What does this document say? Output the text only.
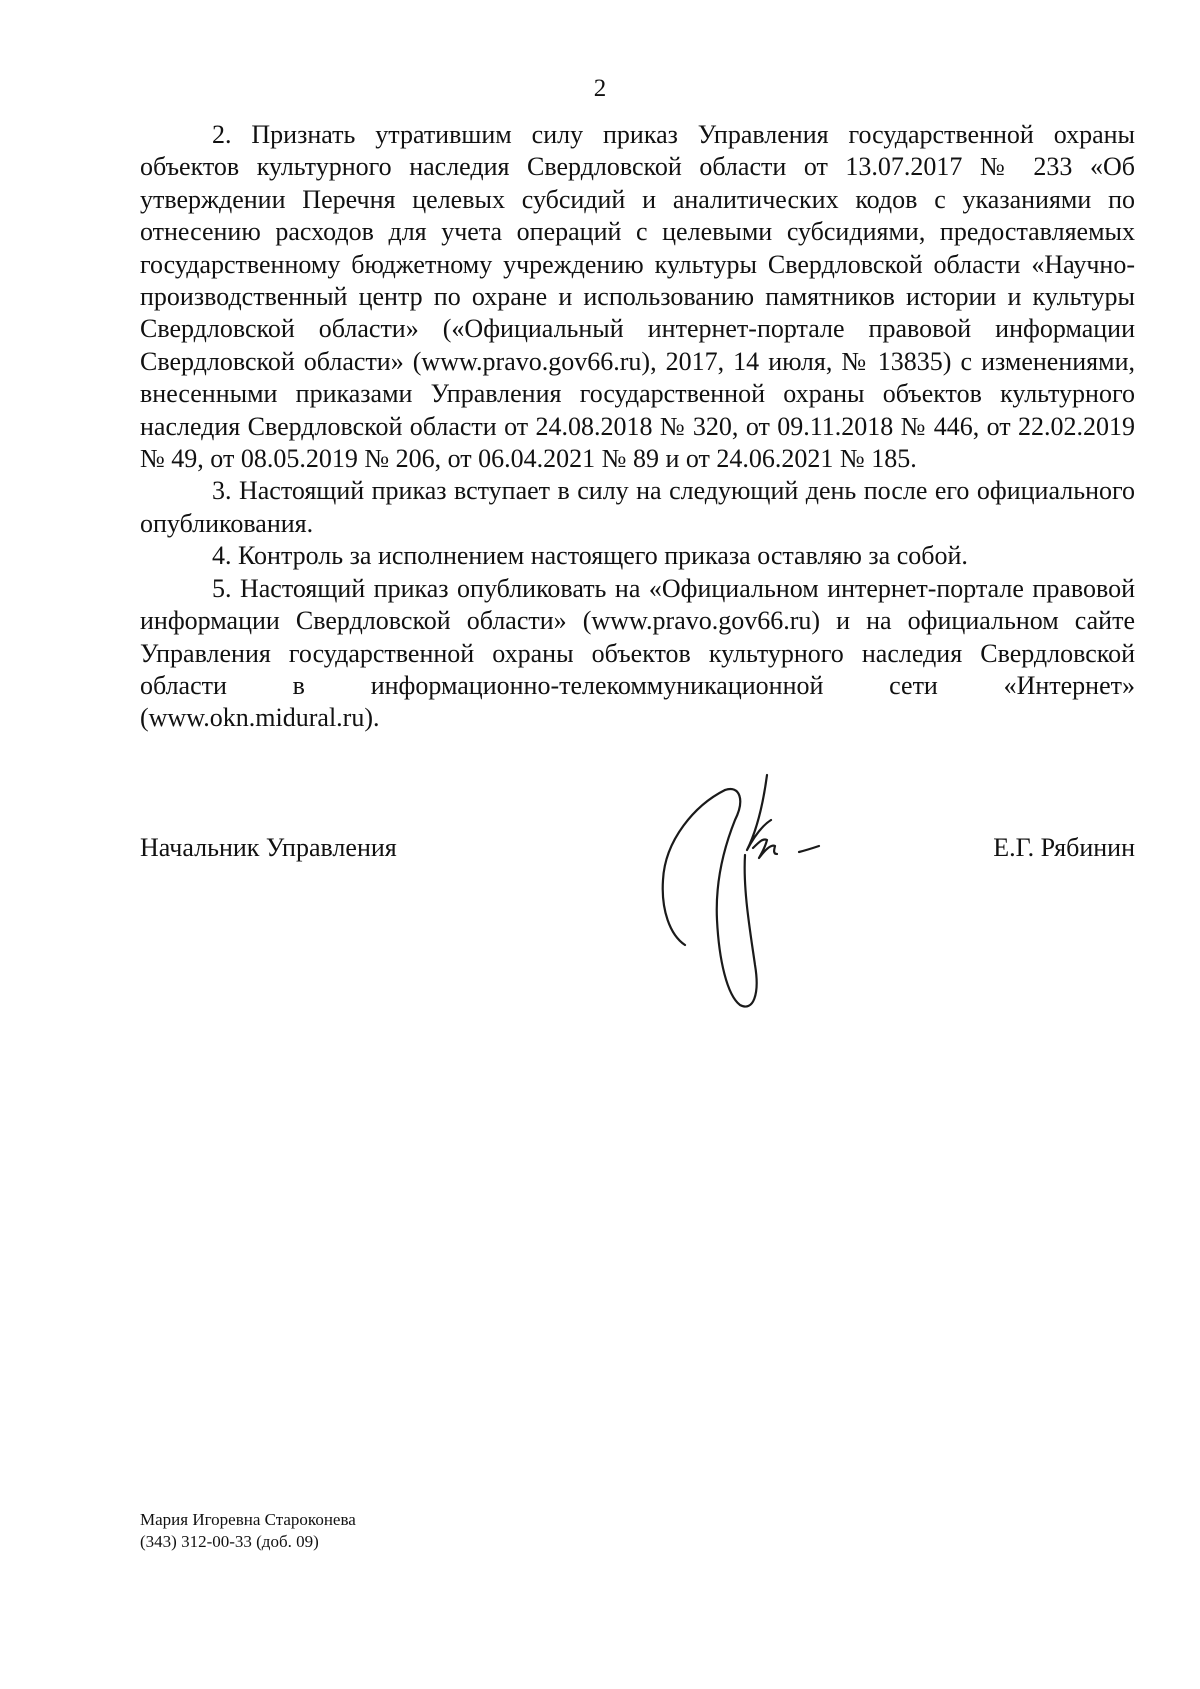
2

2. Признать утратившим силу приказ Управления государственной охраны объектов культурного наследия Свердловской области от 13.07.2017 № 233 «Об утверждении Перечня целевых субсидий и аналитических кодов с указаниями по отнесению расходов для учета операций с целевыми субсидиями, предоставляемых государственному бюджетному учреждению культуры Свердловской области «Научно-производственный центр по охране и использованию памятников истории и культуры Свердловской области» («Официальный интернет-портале правовой информации Свердловской области» (www.pravo.gov66.ru), 2017, 14 июля, № 13835) с изменениями, внесенными приказами Управления государственной охраны объектов культурного наследия Свердловской области от 24.08.2018 № 320, от 09.11.2018 № 446, от 22.02.2019 № 49, от 08.05.2019 № 206, от 06.04.2021 № 89 и от 24.06.2021 № 185.

3. Настоящий приказ вступает в силу на следующий день после его официального опубликования.

4. Контроль за исполнением настоящего приказа оставляю за собой.

5. Настоящий приказ опубликовать на «Официальном интернет-портале правовой информации Свердловской области» (www.pravo.gov66.ru) и на официальном сайте Управления государственной охраны объектов культурного наследия Свердловской области в информационно-телекоммуникационной сети «Интернет» (www.okn.midural.ru).

Начальник Управления	Е.Г. Рябинин
Мария Игоревна Староконева
(343) 312-00-33 (доб. 09)
